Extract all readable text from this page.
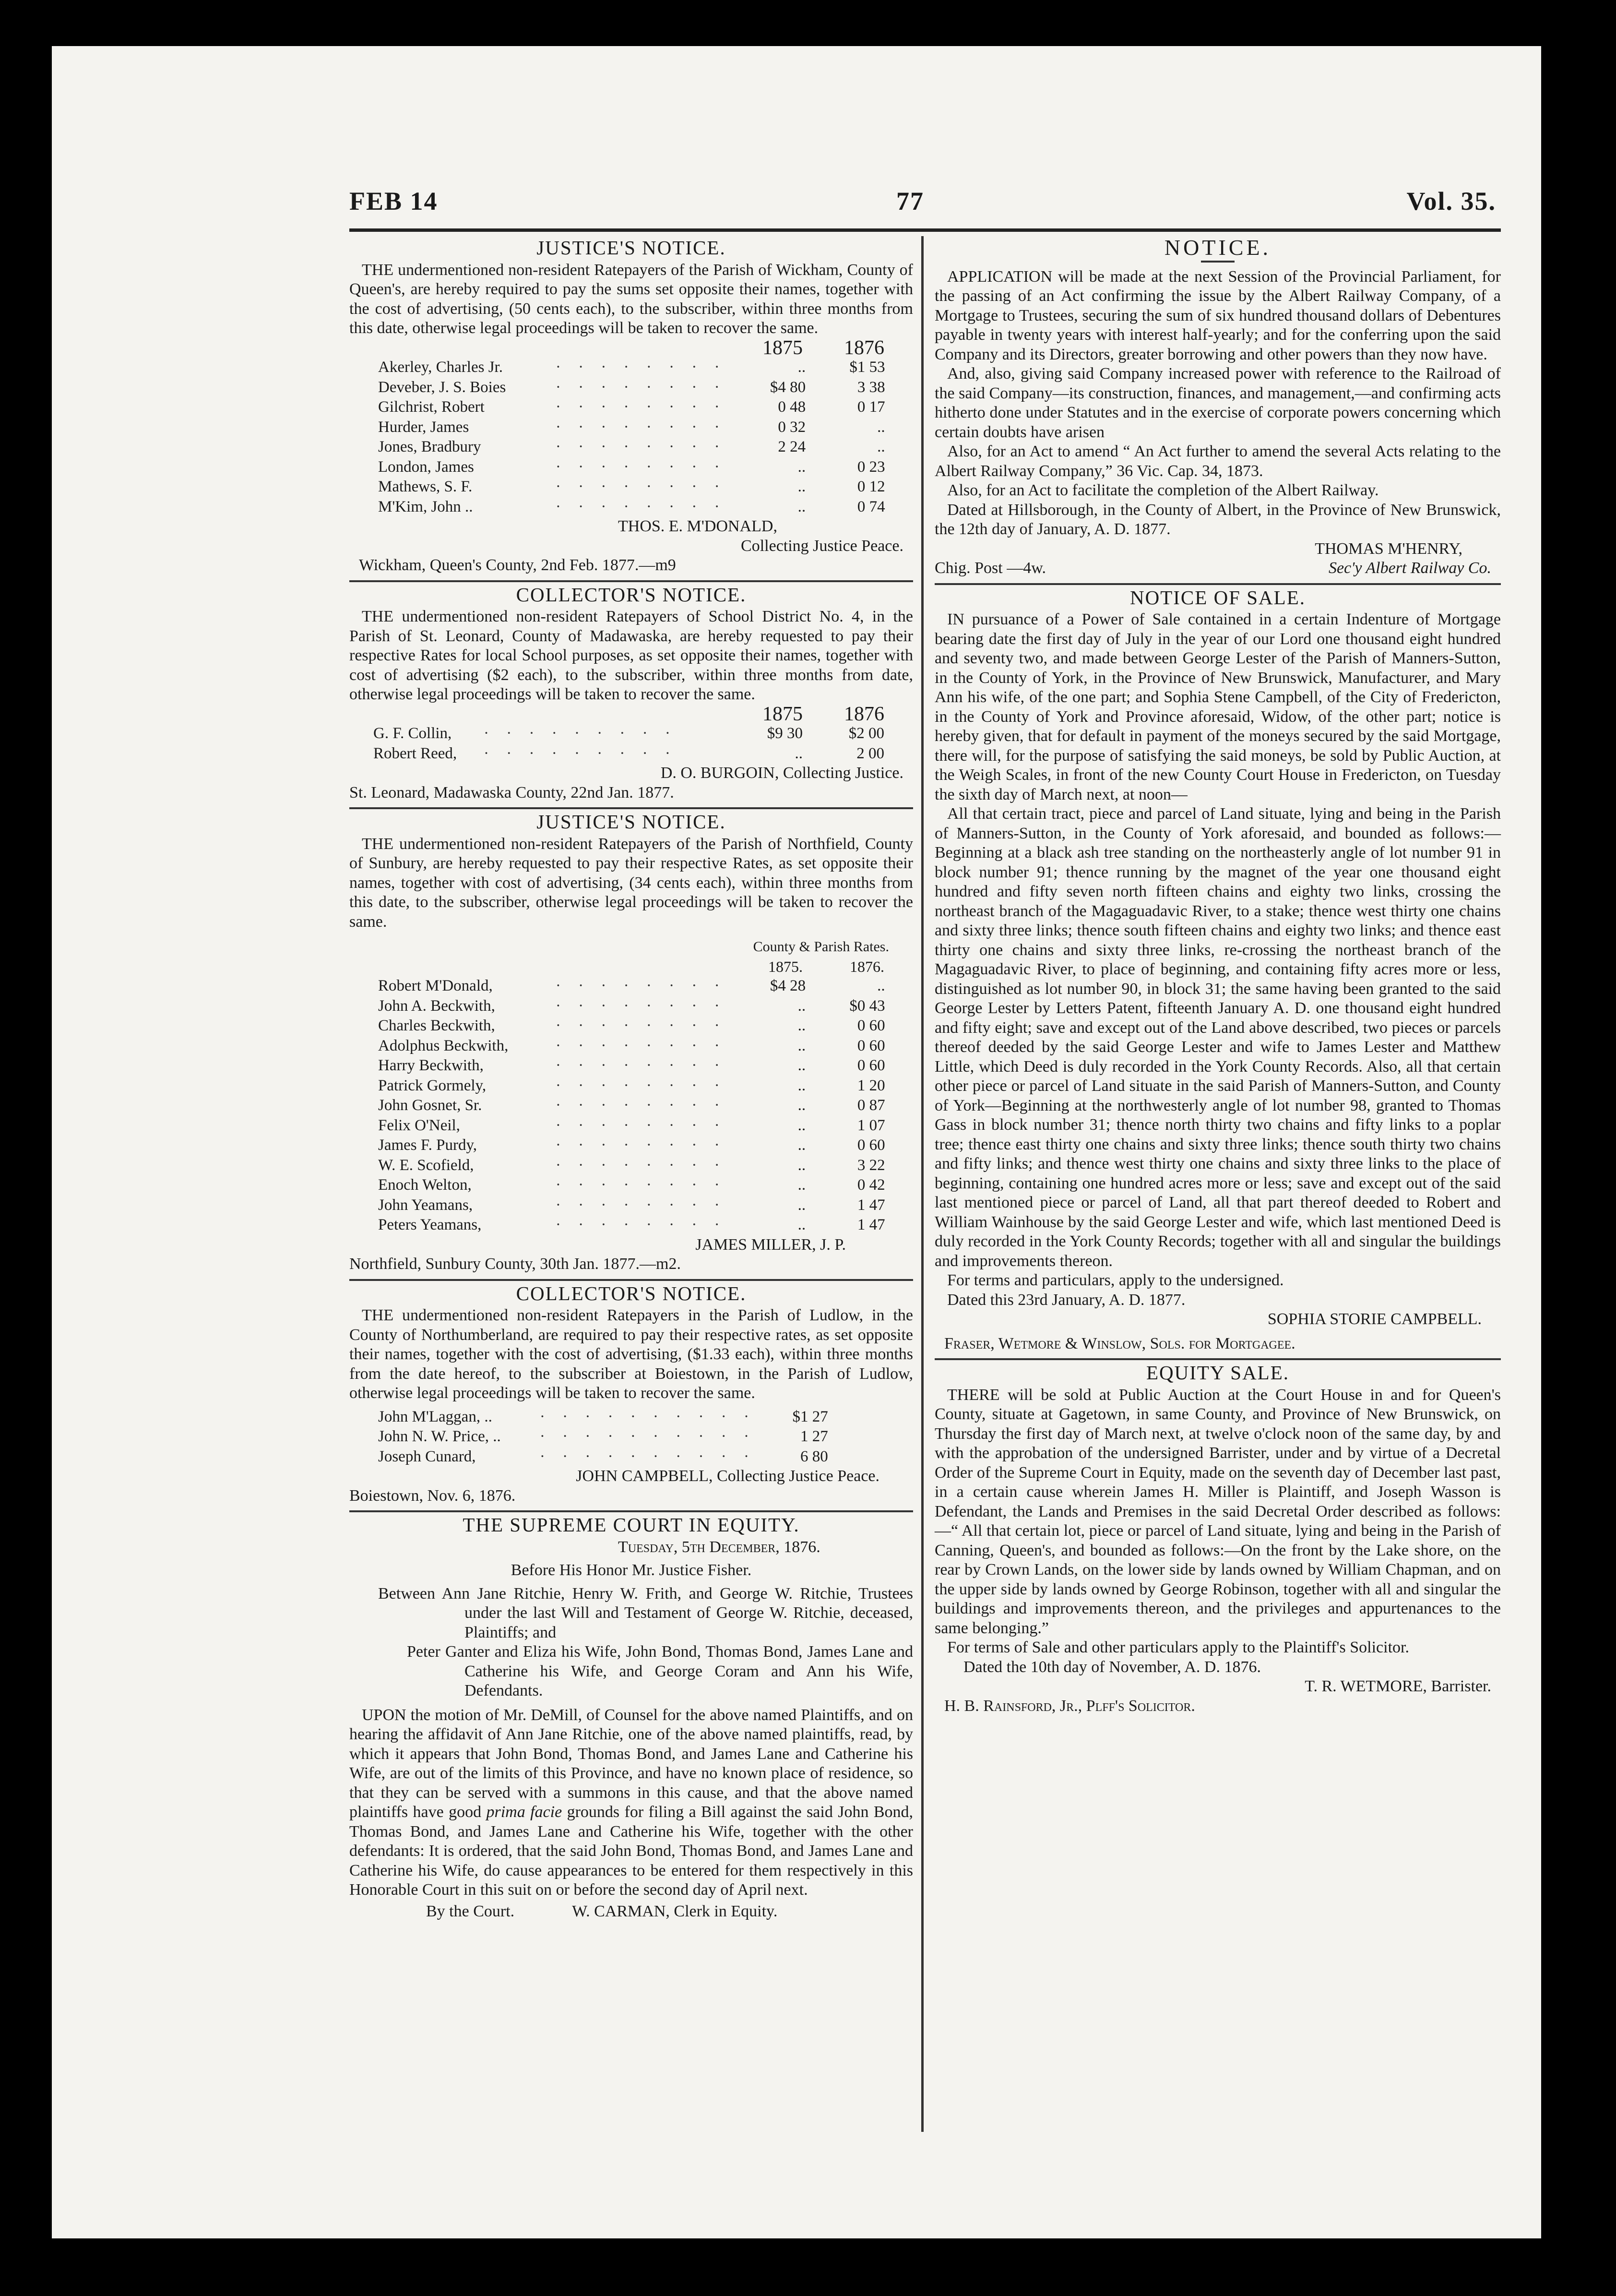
FEB 14	77	Vol. 35.
JUSTICE'S NOTICE.

THE undermentioned non-resident Ratepayers of the Parish of Wickham, County of Queen's, are hereby required to pay the sums set opposite their names, together with the cost of advertising, (50 cents each), to the subscriber, within three months from this date, otherwise legal proceedings will be taken to recover the same.

1875	1876
Akerley, Charles Jr.	· · · · · · · ·	..	$1 53
Deveber, J. S. Boies	· · · · · · · ·	$4 80	3 38
Gilchrist, Robert	· · · · · · · ·	0 48	0 17
Hurder, James	· · · · · · · ·	0 32	..
Jones, Bradbury	· · · · · · · ·	2 24	..
London, James	· · · · · · · ·	..	0 23
Mathews, S. F.	· · · · · · · ·	..	0 12
M'Kim, John ..	· · · · · · · ·	..	0 74
THOS. E. M'DONALD,
Collecting Justice Peace.
Wickham, Queen's County, 2nd Feb. 1877.—m9
COLLECTOR'S NOTICE.

THE undermentioned non-resident Ratepayers of School District No. 4, in the Parish of St. Leonard, County of Madawaska, are hereby requested to pay their respective Rates for local School purposes, as set opposite their names, together with cost of advertising ($2 each), to the subscriber, within three months from date, otherwise legal proceedings will be taken to recover the same.

1875	1876
G. F. Collin,	· · · · · · · · ·	$9 30	$2 00
Robert Reed,	· · · · · · · · ·	..	2 00
D. O. BURGOIN, Collecting Justice.
St. Leonard, Madawaska County, 22nd Jan. 1877.
JUSTICE'S NOTICE.

THE undermentioned non-resident Ratepayers of the Parish of Northfield, County of Sunbury, are hereby requested to pay their respective Rates, as set opposite their names, together with cost of advertising, (34 cents each), within three months from this date, to the subscriber, otherwise legal proceedings will be taken to recover the same.

County & Parish Rates.
1875.	1876.
Robert M'Donald,	· · · · · · · ·	$4 28	..
John A. Beckwith,	· · · · · · · ·	..	$0 43
Charles Beckwith,	· · · · · · · ·	..	0 60
Adolphus Beckwith,	· · · · · · · ·	..	0 60
Harry Beckwith,	· · · · · · · ·	..	0 60
Patrick Gormely,	· · · · · · · ·	..	1 20
John Gosnet, Sr.	· · · · · · · ·	..	0 87
Felix O'Neil,	· · · · · · · ·	..	1 07
James F. Purdy,	· · · · · · · ·	..	0 60
W. E. Scofield,	· · · · · · · ·	..	3 22
Enoch Welton,	· · · · · · · ·	..	0 42
John Yeamans,	· · · · · · · ·	..	1 47
Peters Yeamans,	· · · · · · · ·	..	1 47
JAMES MILLER, J. P.
Northfield, Sunbury County, 30th Jan. 1877.—m2.
COLLECTOR'S NOTICE.

THE undermentioned non-resident Ratepayers in the Parish of Ludlow, in the County of Northumberland, are required to pay their respective rates, as set opposite their names, together with the cost of advertising, ($1.33 each), within three months from the date hereof, to the subscriber at Boiestown, in the Parish of Ludlow, otherwise legal proceedings will be taken to recover the same.

John M'Laggan, ..	· · · · · · · · · ·	$1 27
John N. W. Price, ..	· · · · · · · · · ·	1 27
Joseph Cunard,	· · · · · · · · · ·	6 80
JOHN CAMPBELL, Collecting Justice Peace.
Boiestown, Nov. 6, 1876.
THE SUPREME COURT IN EQUITY.
Tuesday, 5th December, 1876.
Before His Honor Mr. Justice Fisher.
Between Ann Jane Ritchie, Henry W. Frith, and George W. Ritchie, Trustees under the last Will and Testament of George W. Ritchie, deceased, Plaintiffs; and
Peter Ganter and Eliza his Wife, John Bond, Thomas Bond, James Lane and Catherine his Wife, and George Coram and Ann his Wife, Defendants.

UPON the motion of Mr. DeMill, of Counsel for the above named Plaintiffs, and on hearing the affidavit of Ann Jane Ritchie, one of the above named plaintiffs, read, by which it appears that John Bond, Thomas Bond, and James Lane and Catherine his Wife, are out of the limits of this Province, and have no known place of residence, so that they can be served with a summons in this cause, and that the above named plaintiffs have good prima facie grounds for filing a Bill against the said John Bond, Thomas Bond, and James Lane and Catherine his Wife, together with the other defendants: It is ordered, that the said John Bond, Thomas Bond, and James Lane and Catherine his Wife, do cause appearances to be entered for them respectively in this Honorable Court in this suit on or before the second day of April next.

By the Court.	W. CARMAN, Clerk in Equity.
NOTICE.

APPLICATION will be made at the next Session of the Provincial Parliament, for the passing of an Act confirming the issue by the Albert Railway Company, of a Mortgage to Trustees, securing the sum of six hundred thousand dollars of Debentures payable in twenty years with interest half-yearly; and for the conferring upon the said Company and its Directors, greater borrowing and other powers than they now have.

And, also, giving said Company increased power with reference to the Railroad of the said Company—its construction, finances, and management,—and confirming acts hitherto done under Statutes and in the exercise of corporate powers concerning which certain doubts have arisen

Also, for an Act to amend “ An Act further to amend the several Acts relating to the Albert Railway Company,” 36 Vic. Cap. 34, 1873.

Also, for an Act to facilitate the completion of the Albert Railway.

Dated at Hillsborough, in the County of Albert, in the Province of New Brunswick, the 12th day of January, A. D. 1877.

THOMAS M'HENRY,
Chig. Post —4w.	Sec'y Albert Railway Co.
NOTICE OF SALE.

IN pursuance of a Power of Sale contained in a certain Indenture of Mortgage bearing date the first day of July in the year of our Lord one thousand eight hundred and seventy two, and made between George Lester of the Parish of Manners-Sutton, in the County of York, in the Province of New Brunswick, Manufacturer, and Mary Ann his wife, of the one part; and Sophia Stene Campbell, of the City of Fredericton, in the County of York and Province aforesaid, Widow, of the other part; notice is hereby given, that for default in payment of the moneys secured by the said Mortgage, there will, for the purpose of satisfying the said moneys, be sold by Public Auction, at the Weigh Scales, in front of the new County Court House in Fredericton, on Tuesday the sixth day of March next, at noon—

All that certain tract, piece and parcel of Land situate, lying and being in the Parish of Manners-Sutton, in the County of York aforesaid, and bounded as follows:—Beginning at a black ash tree standing on the northeasterly angle of lot number 91 in block number 91; thence running by the magnet of the year one thousand eight hundred and fifty seven north fifteen chains and eighty two links, crossing the northeast branch of the Magaguadavic River, to a stake; thence west thirty one chains and sixty three links; thence south fifteen chains and eighty two links; and thence east thirty one chains and sixty three links, re-crossing the northeast branch of the Magaguadavic River, to place of beginning, and containing fifty acres more or less, distinguished as lot number 90, in block 31; the same having been granted to the said George Lester by Letters Patent, fifteenth January A. D. one thousand eight hundred and fifty eight; save and except out of the Land above described, two pieces or parcels thereof deeded by the said George Lester and wife to James Lester and Matthew Little, which Deed is duly recorded in the York County Records. Also, all that certain other piece or parcel of Land situate in the said Parish of Manners-Sutton, and County of York—Beginning at the northwesterly angle of lot number 98, granted to Thomas Gass in block number 31; thence north thirty two chains and fifty links to a poplar tree; thence east thirty one chains and sixty three links; thence south thirty two chains and fifty links; and thence west thirty one chains and sixty three links to the place of beginning, containing one hundred acres more or less; save and except out of the said last mentioned piece or parcel of Land, all that part thereof deeded to Robert and William Wainhouse by the said George Lester and wife, which last mentioned Deed is duly recorded in the York County Records; together with all and singular the buildings and improvements thereon.

For terms and particulars, apply to the undersigned.

Dated this 23rd January, A. D. 1877.

SOPHIA STORIE CAMPBELL.
Fraser, Wetmore & Winslow, Sols. for Mortgagee.
EQUITY SALE.

THERE will be sold at Public Auction at the Court House in and for Queen's County, situate at Gagetown, in same County, and Province of New Brunswick, on Thursday the first day of March next, at twelve o'clock noon of the same day, by and with the approbation of the undersigned Barrister, under and by virtue of a Decretal Order of the Supreme Court in Equity, made on the seventh day of December last past, in a certain cause wherein James H. Miller is Plaintiff, and Joseph Wasson is Defendant, the Lands and Premises in the said Decretal Order described as follows:—“ All that certain lot, piece or parcel of Land situate, lying and being in the Parish of Canning, Queen's, and bounded as follows:—On the front by the Lake shore, on the rear by Crown Lands, on the lower side by lands owned by William Chapman, and on the upper side by lands owned by George Robinson, together with all and singular the buildings and improvements thereon, and the privileges and appurtenances to the same belonging.”

For terms of Sale and other particulars apply to the Plaintiff's Solicitor.

Dated the 10th day of November, A. D. 1876.

T. R. WETMORE, Barrister.
H. B. Rainsford, Jr., Plff's Solicitor.
